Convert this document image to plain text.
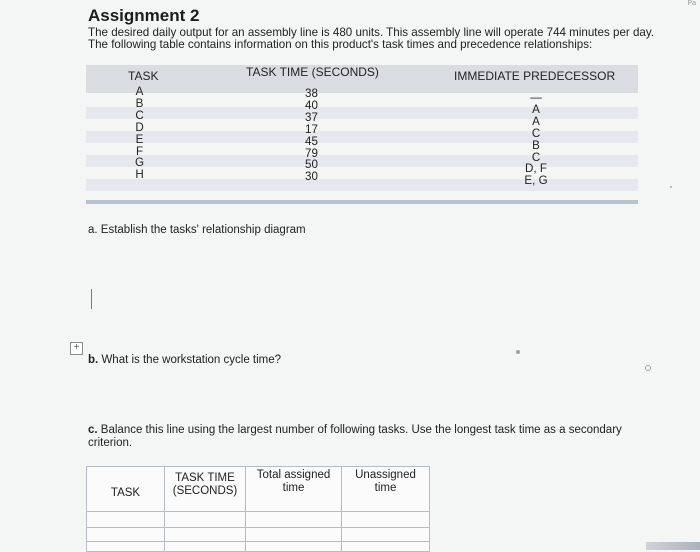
Pa
Assignment 2
The desired daily output for an assembly line is 480 units. This assembly line will operate 744 minutes per day. The following table contains information on this product's task times and precedence relationships:
TASK	TASK TIME (SECONDS)	IMMEDIATE PREDECESSOR
A
B
C
D
E
F
G
H
38
40
37
17
45
79
50
30
—
A
A
C
B
C
D, F
E, G
a. Establish the tasks' relationship diagram
+
b. What is the workstation cycle time?
c. Balance this line using the largest number of following tasks. Use the longest task time as a secondary criterion.
TASK
TASK TIME
(SECONDS)
Total assigned
time
Unassigned
time
